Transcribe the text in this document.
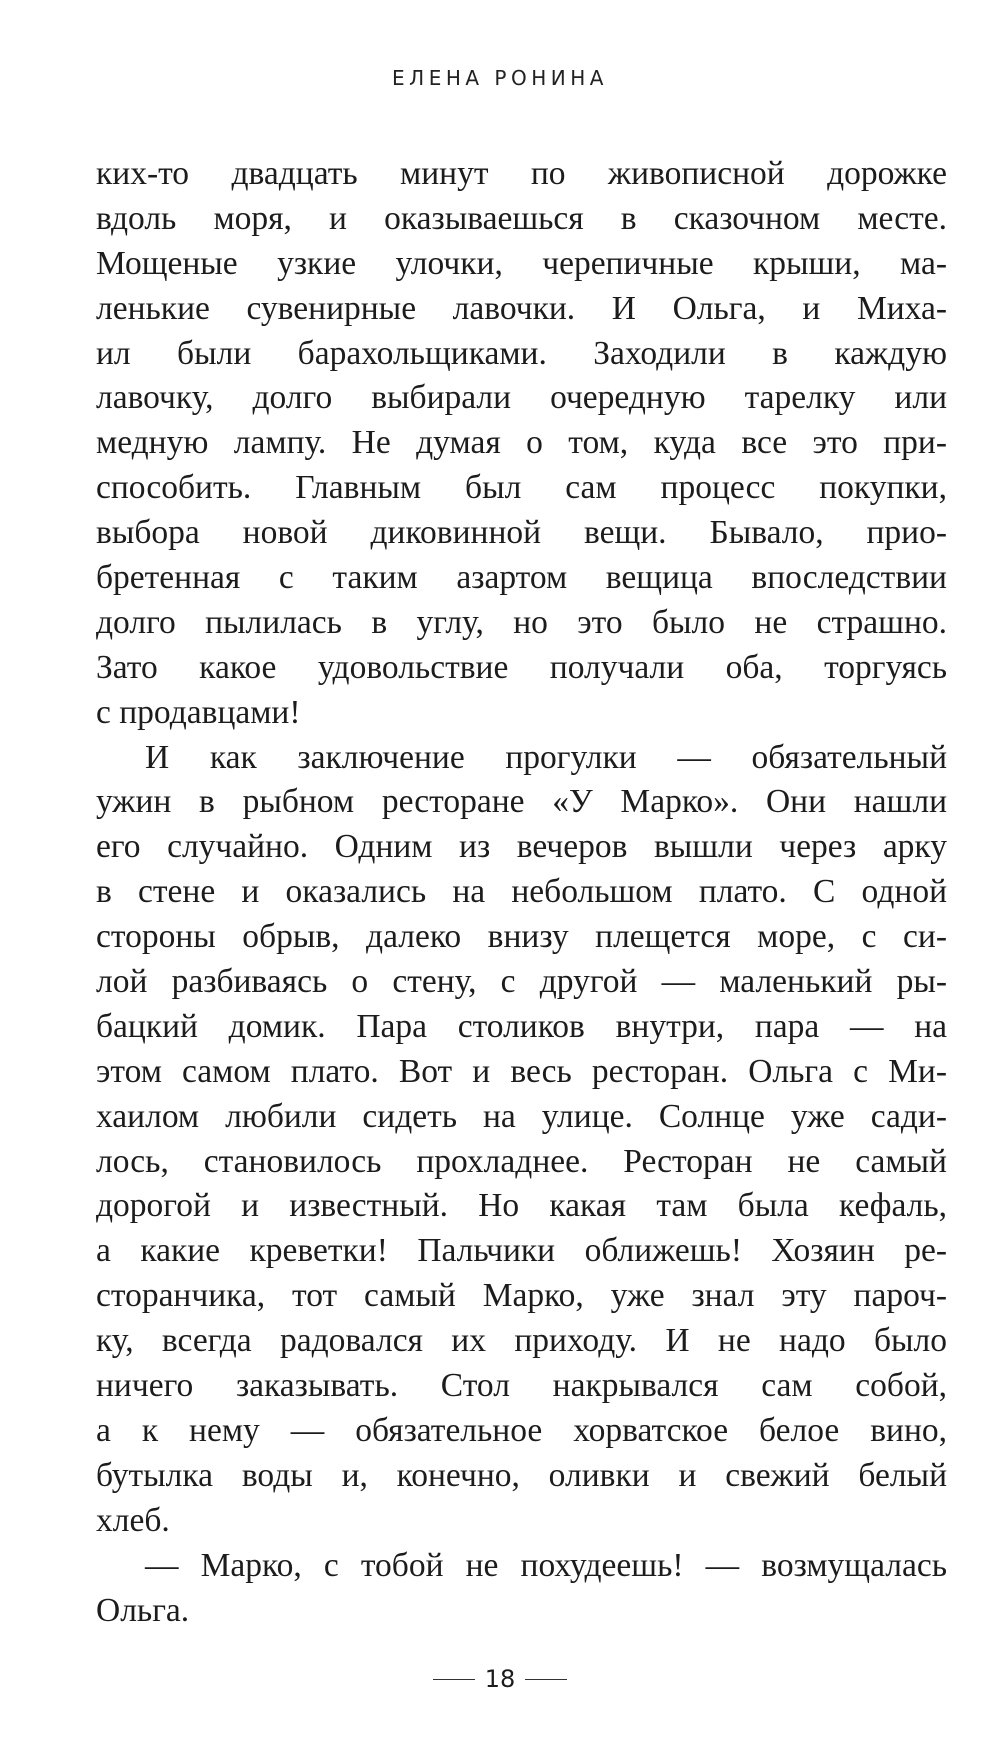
ЕЛЕНА РОНИНА
ких-то двадцать минут по живописной дорожке
вдоль моря, и оказываешься в сказочном месте.
Мощеные узкие улочки, черепичные крыши, ма-
ленькие сувенирные лавочки. И Ольга, и Миха-
ил были барахольщиками. Заходили в каждую
лавочку, долго выбирали очередную тарелку или
медную лампу. Не думая о том, куда все это при-
способить. Главным был сам процесс покупки,
выбора новой диковинной вещи. Бывало, прио-
бретенная с таким азартом вещица впоследствии
долго пылилась в углу, но это было не страшно.
Зато какое удовольствие получали оба, торгуясь
с продавцами!
И как заключение прогулки — обязательный
ужин в рыбном ресторане «У Марко». Они нашли
его случайно. Одним из вечеров вышли через арку
в стене и оказались на небольшом плато. С одной
стороны обрыв, далеко внизу плещется море, с си-
лой разбиваясь о стену, с другой — маленький ры-
бацкий домик. Пара столиков внутри, пара — на
этом самом плато. Вот и весь ресторан. Ольга с Ми-
хаилом любили сидеть на улице. Солнце уже сади-
лось, становилось прохладнее. Ресторан не самый
дорогой и известный. Но какая там была кефаль,
а какие креветки! Пальчики оближешь! Хозяин ре-
сторанчика, тот самый Марко, уже знал эту пароч-
ку, всегда радовался их приходу. И не надо было
ничего заказывать. Стол накрывался сам собой,
а к нему — обязательное хорватское белое вино,
бутылка воды и, конечно, оливки и свежий белый
хлеб.
— Марко, с тобой не похудеешь! — возмущалась
Ольга.
18
